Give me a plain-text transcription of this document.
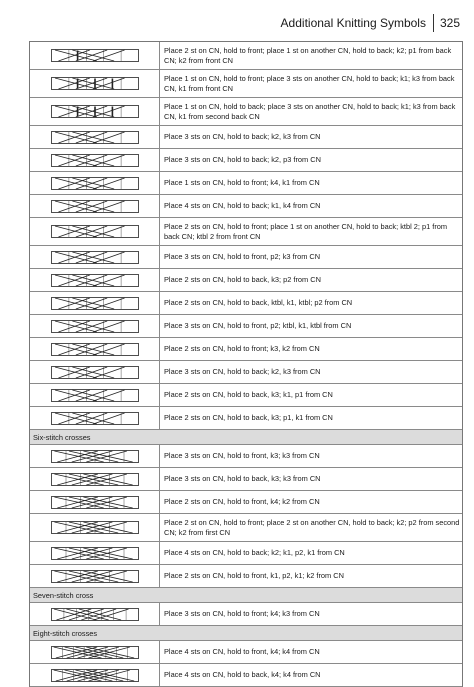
Additional Knitting Symbols 325
Place 2 st on CN, hold to front; place 1 st on another CN, hold to back; k2; p1 from back CN; k2 from front CN
Place 1 st on CN, hold to front; place 3 sts on another CN, hold to back; k1; k3 from back CN, k1 from front CN
Place 1 st on CN, hold to back; place 3 sts on another CN, hold to back; k1; k3 from back CN, k1 from second back CN
Place 3 sts on CN, hold to back; k2, k3 from CN
Place 3 sts on CN, hold to back; k2, p3 from CN
Place 1 sts on CN, hold to front; k4, k1 from CN
Place 4 sts on CN, hold to back; k1, k4 from CN
Place 2 sts on CN, hold to front; place 1 st on another CN, hold to back; ktbl 2; p1 from back CN; ktbl 2 from front CN
Place 3 sts on CN, hold to front, p2; k3 from CN
Place 2 sts on CN, hold to back, k3; p2 from CN
Place 2 sts on CN, hold to back, ktbl, k1, ktbl; p2 from CN
Place 3 sts on CN, hold to front, p2; ktbl, k1, ktbl from CN
Place 2 sts on CN, hold to front; k3, k2 from CN
Place 3 sts on CN, hold to back; k2, k3 from CN
Place 2 sts on CN, hold to back, k3; k1, p1 from CN
Place 2 sts on CN, hold to back, k3; p1, k1 from CN
Six-stitch crosses
Place 3 sts on CN, hold to front, k3; k3 from CN
Place 3 sts on CN, hold to back, k3; k3 from CN
Place 2 sts on CN, hold to front, k4; k2 from CN
Place 2 st on CN, hold to front; place 2 st on another CN, hold to back; k2; p2 from second CN; k2 from first CN
Place 4 sts on CN, hold to back; k2; k1, p2, k1 from CN
Place 2 sts on CN, hold to front, k1, p2, k1; k2 from CN
Seven-stitch cross
Place 3 sts on CN, hold to front; k4; k3 from CN
Eight-stitch crosses
Place 4 sts on CN, hold to front, k4; k4 from CN
Place 4 sts on CN, hold to back, k4; k4 from CN
